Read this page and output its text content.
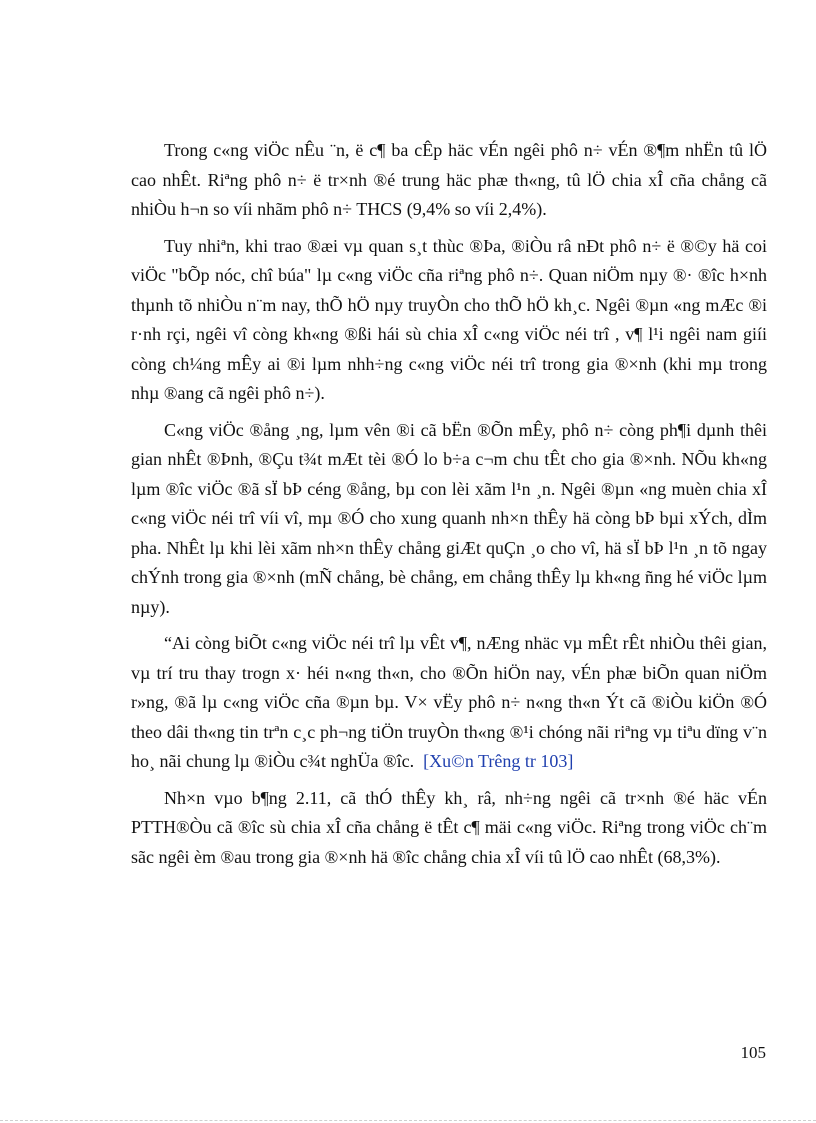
Trong c«ng viÖc nÊu ¨n, ë c¶ ba cÊp häc vÉn ngêi phô n÷ vÉn ®¶m nhËn tû lÖ cao nhÊt. Riªng phô n÷ ë tr×nh ®é trung häc phæ th«ng, tû lÖ chia xÎ cña chång cã nhiÒu h¬n so víi nhãm phô n÷ THCS (9,4% so víi 2,4%).

Tuy nhiªn, khi trao ®æi vµ quan s¸t thùc ®Þa, ®iÒu râ nÐt phô n÷ ë ®©y hä coi viÖc "bÕp nóc, chî búa" lµ c«ng viÖc cña riªng phô n÷. Quan niÖm nµy ®· ®îc h×nh thµnh tõ nhiÒu n¨m nay, thÕ hÖ nµy truyÒn cho thÕ hÖ kh¸c. Ngêi ®µn «ng mÆc ®i r·nh rçi, ngêi vî còng kh«ng ®ßi hái sù chia xÎ c«ng viÖc néi trî , v¶ l¹i ngêi nam giíi còng ch¼ng mÊy ai ®i lµm nhh÷ng c«ng viÖc néi trî trong gia ®×nh (khi mµ trong nhµ ®ang cã ngêi phô n÷).

C«ng viÖc ®ång ¸ng, lµm vên ®i cã bËn ®Õn mÊy, phô n÷ còng ph¶i dµnh thêi gian nhÊt ®Þnh, ®Çu t¾t mÆt tèi ®Ó lo b÷a c¬m chu tÊt cho gia ®×nh. NÕu kh«ng lµm ®îc viÖc ®ã sÏ bÞ céng ®ång, bµ con lèi xãm l¹n ¸n. Ngêi ®µn «ng muèn chia xÎ c«ng viÖc néi trî víi vî, mµ ®Ó cho xung quanh nh×n thÊy hä còng bÞ bµi xÝch, dÌm pha. NhÊt lµ khi lèi xãm nh×n thÊy chång giÆt quÇn ¸o cho vî, hä sÏ bÞ l¹n ¸n tõ ngay chÝnh trong gia ®×nh (mÑ chång, bè chång, em chång thÊy lµ kh«ng ñng hé viÖc lµm nµy).

“Ai còng biÕt c«ng viÖc néi trî lµ vÊt v¶, nÆng nhäc vµ mÊt rÊt nhiÒu thêi gian, vµ trí tru thay trogn x· héi n«ng th«n, cho ®Õn hiÖn nay, vÉn phæ biÕn quan niÖm r»ng, ®ã lµ c«ng viÖc cña ®µn bµ. V× vËy phô n÷ n«ng th«n Ýt cã ®iÒu kiÖn ®Ó theo dâi th«ng tin trªn c¸c ph¬ng tiÖn truyÒn th«ng ®¹i chóng nãi riªng vµ tiªu dïng v¨n ho¸ nãi chung lµ ®iÒu c¾t nghÜa ®îc. [Xu©n Trêng tr 103]

Nh×n vµo b¶ng 2.11, cã thÓ thÊy kh¸ râ, nh÷ng ngêi cã tr×nh ®é häc vÉn PTTH®Òu cã ®îc sù chia xÎ cña chång ë tÊt c¶ mäi c«ng viÖc. Riªng trong viÖc ch¨m sãc ngêi èm ®au trong gia ®×nh hä ®îc chång chia xÎ víi tû lÖ cao nhÊt (68,3%).

105
